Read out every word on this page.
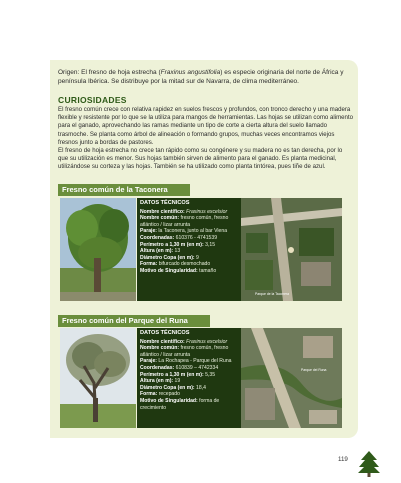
Origen: El fresno de hoja estrecha (Fraxinus angustifolia) es especie originaria del norte de África y península Ibérica. Se distribuye por la mitad sur de Navarra, de clima mediterráneo.

CURIOSIDADES

El fresno común crece con relativa rapidez en suelos frescos y profundos, con tronco derecho y una madera flexible y resistente por lo que se la utiliza para mangos de herramientas. Las hojas se utilizan como alimento para el ganado, aprovechando las ramas mediante un tipo de corte a cierta altura del suelo llamado trasmoche. Se planta como árbol de alineación o formando grupos, muchas veces encontramos viejos fresnos junto a bordas de pastores.
El fresno de hoja estrecha no crece tan rápido como su congénere y su madera no es tan derecha, por lo que su utilización es menor. Sus hojas también sirven de alimento para el ganado. Es planta medicinal, utilizándose su corteza y las hojas. También se ha utilizado como planta tintórea, pues tiñe de azul.

Fresno común de la Taconera
DATOS TÉCNICOS
Nombre científico: Fraxinus excelsior
Nombre común: fresno común, fresno atlántico / lizar arrunta
Paraje: la Taconera, junto al bar Viena
Coordenadas: 610376 - 4741539
Perímetro a 1,30 m (en m): 3,15
Altura (en m): 13
Diámetro Copa (en m): 9
Forma: bifurcado desmochado
Motivo de Singularidad: tamaño
Parque de la Taconera
Fresno común del Parque del Runa
DATOS TÉCNICOS
Nombre científico: Fraxinus excelsior
Nombre común: fresno común, fresno atlántico / lizar arrunta
Paraje: La Rochapea - Parque del Runa
Coordenadas: 610839 – 4742334
Perímetro a 1,30 m (en m): 5,35
Altura (en m): 19
Diámetro Copa (en m): 18,4
Forma: recepado
Motivo de Singularidad: forma de crecimiento
Parque del Runa
119
